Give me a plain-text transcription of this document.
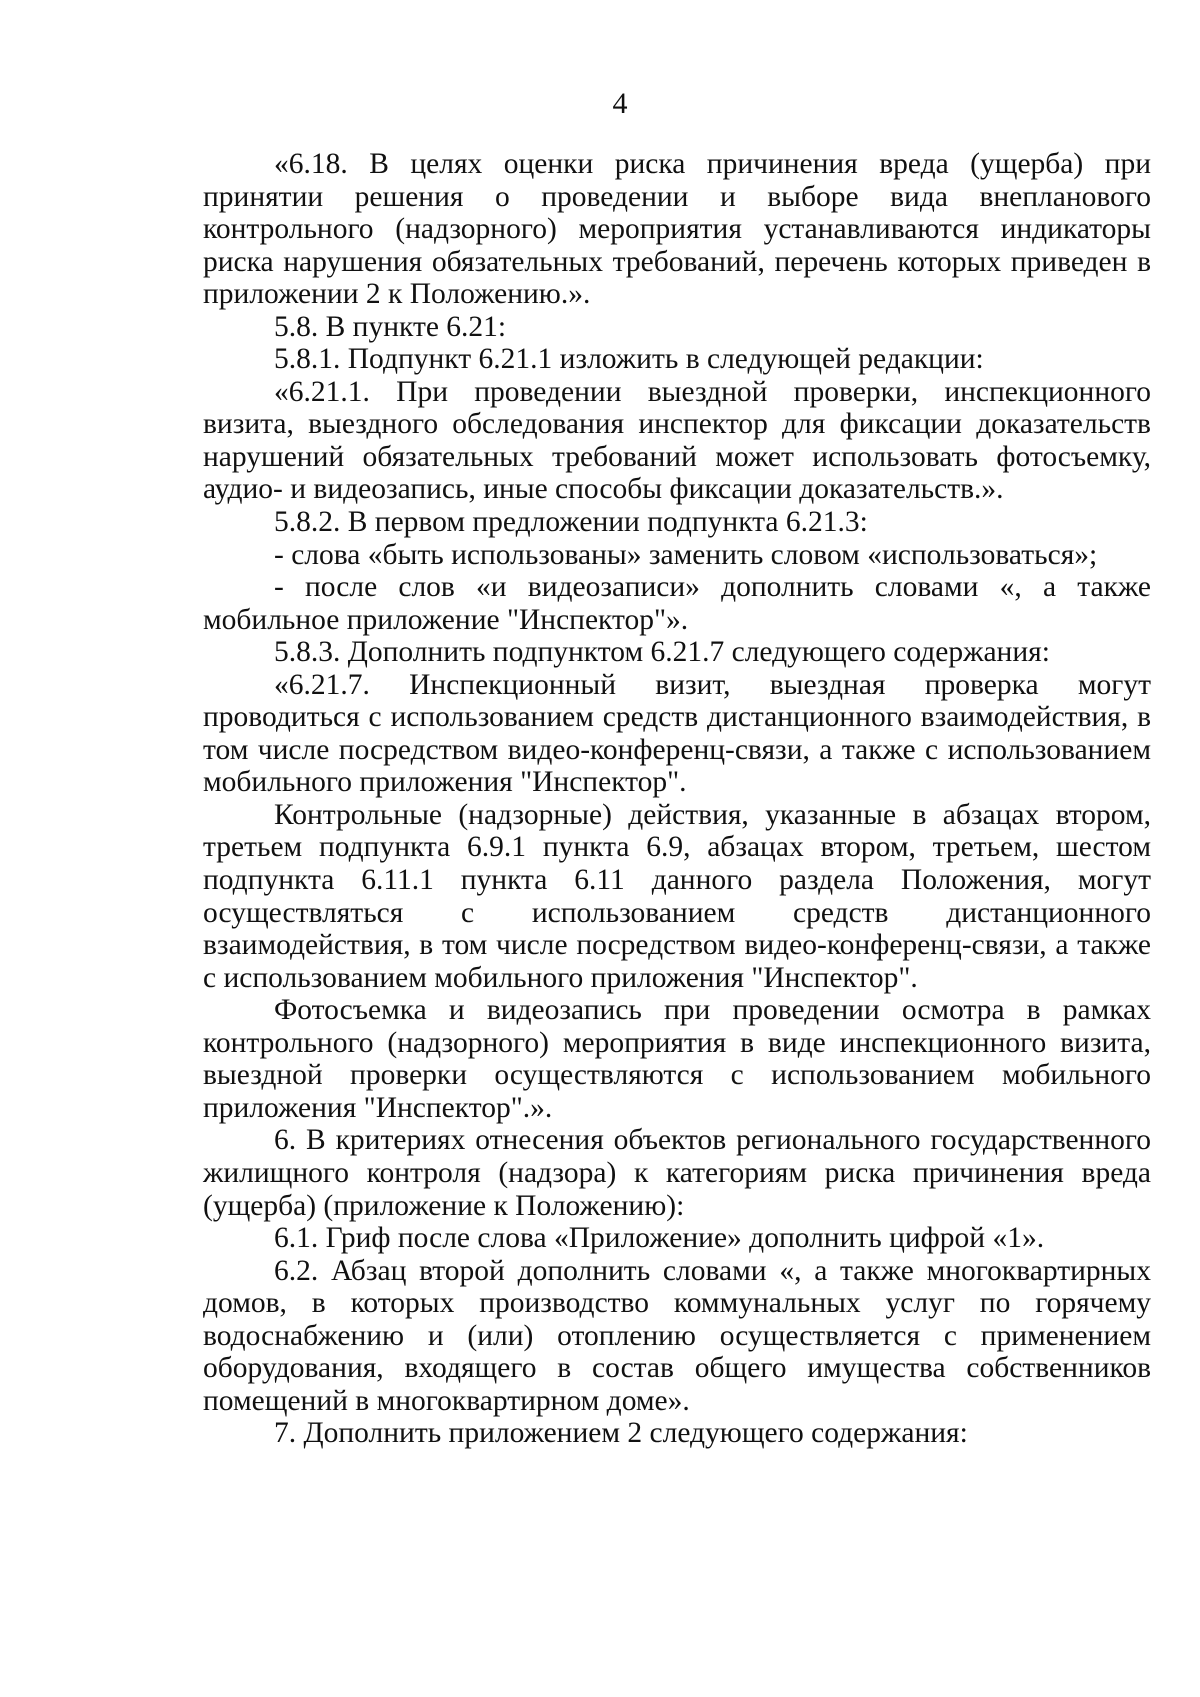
4

«6.18. В целях оценки риска причинения вреда (ущерба) при принятии решения о проведении и выборе вида внепланового контрольного (надзорного) мероприятия устанавливаются индикаторы риска нарушения обязательных требований, перечень которых приведен в приложении 2 к Положению.».

5.8. В пункте 6.21:

5.8.1. Подпункт 6.21.1 изложить в следующей редакции:

«6.21.1. При проведении выездной проверки, инспекционного визита, выездного обследования инспектор для фиксации доказательств нарушений обязательных требований может использовать фотосъемку, аудио- и видеозапись, иные способы фиксации доказательств.».

5.8.2. В первом предложении подпункта 6.21.3:

- слова «быть использованы» заменить словом «использоваться»;

- после слов «и видеозаписи» дополнить словами «, а также мобильное приложение "Инспектор"».

5.8.3. Дополнить подпунктом 6.21.7 следующего содержания:

«6.21.7. Инспекционный визит, выездная проверка могут проводиться с использованием средств дистанционного взаимодействия, в том числе посредством видео-конференц-связи, а также с использованием мобильного приложения "Инспектор".

Контрольные (надзорные) действия, указанные в абзацах втором, третьем подпункта 6.9.1 пункта 6.9, абзацах втором, третьем, шестом подпункта 6.11.1 пункта 6.11 данного раздела Положения, могут осуществляться с использованием средств дистанционного взаимодействия, в том числе посредством видео-конференц-связи, а также с использованием мобильного приложения "Инспектор".

Фотосъемка и видеозапись при проведении осмотра в рамках контрольного (надзорного) мероприятия в виде инспекционного визита, выездной проверки осуществляются с использованием мобильного приложения "Инспектор".».

6. В критериях отнесения объектов регионального государственного жилищного контроля (надзора) к категориям риска причинения вреда (ущерба) (приложение к Положению):

6.1. Гриф после слова «Приложение» дополнить цифрой «1».

6.2. Абзац второй дополнить словами «, а также многоквартирных домов, в которых производство коммунальных услуг по горячему водоснабжению и (или) отоплению осуществляется с применением оборудования, входящего в состав общего имущества собственников помещений в многоквартирном доме».

7. Дополнить приложением 2 следующего содержания:
